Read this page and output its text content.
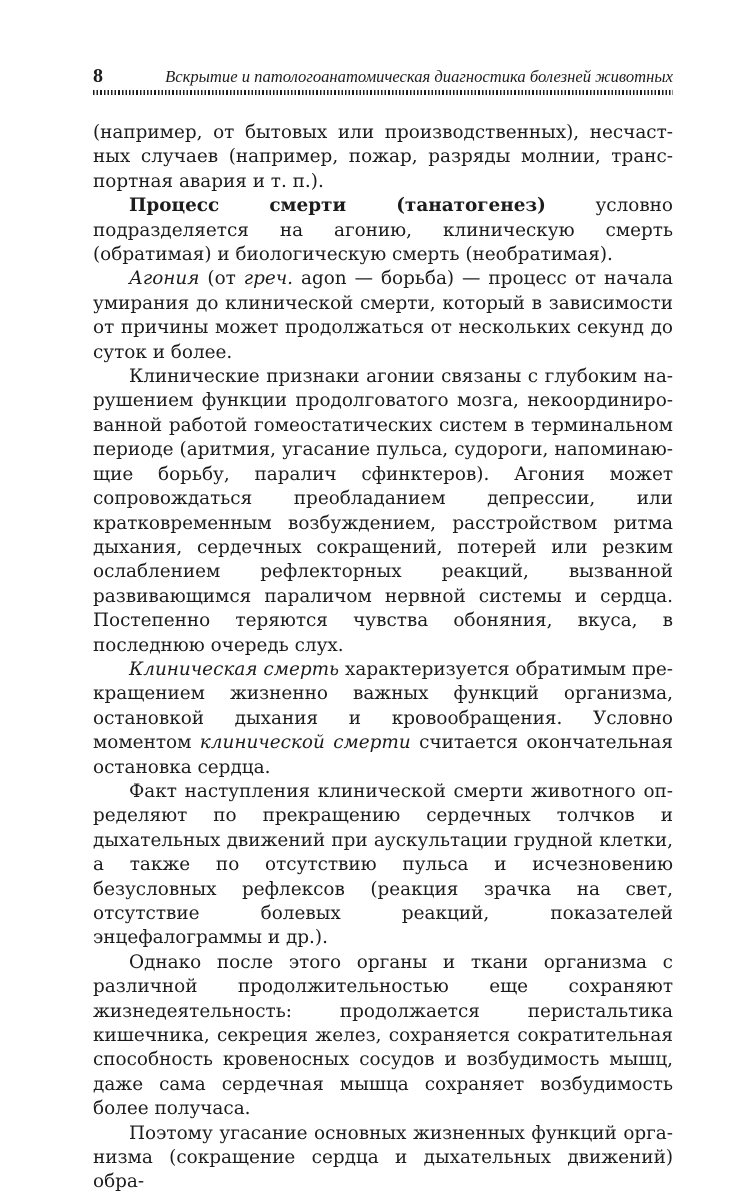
8	Вскрытие и патологоанатомическая диагностика болезней животных

(например, от бытовых или производственных), несчастных случаев (например, пожар, разряды молнии, транспортная авария и т. п.).

Процесс смерти (танатогенез) условно подразделяется на агонию, клиническую смерть (обратимая) и биологическую смерть (необратимая).

Агония (от греч. agon — борьба) — процесс от начала умирания до клинической смерти, который в зависимости от причины может продолжаться от нескольких секунд до суток и более.

Клинические признаки агонии связаны с глубоким нарушением функции продолговатого мозга, некоординированной работой гомеостатических систем в терминальном периоде (аритмия, угасание пульса, судороги, напоминающие борьбу, паралич сфинктеров). Агония может сопровождаться преобладанием депрессии, или кратковременным возбуждением, расстройством ритма дыхания, сердечных сокращений, потерей или резким ослаблением рефлекторных реакций, вызванной развивающимся параличом нервной системы и сердца. Постепенно теряются чувства обоняния, вкуса, в последнюю очередь слух.

Клиническая смерть характеризуется обратимым прекращением жизненно важных функций организма, остановкой дыхания и кровообращения. Условно моментом клинической смерти считается окончательная остановка сердца.

Факт наступления клинической смерти животного определяют по прекращению сердечных толчков и дыхательных движений при аускультации грудной клетки, а также по отсутствию пульса и исчезновению безусловных рефлексов (реакция зрачка на свет, отсутствие болевых реакций, показателей энцефалограммы и др.).

Однако после этого органы и ткани организма с различной продолжительностью еще сохраняют жизнедеятельность: продолжается перистальтика кишечника, секреция желез, сохраняется сократительная способность кровеносных сосудов и возбудимость мышц, даже сама сердечная мышца сохраняет возбудимость более получаса.

Поэтому угасание основных жизненных функций организма (сокращение сердца и дыхательных движений) обра-
